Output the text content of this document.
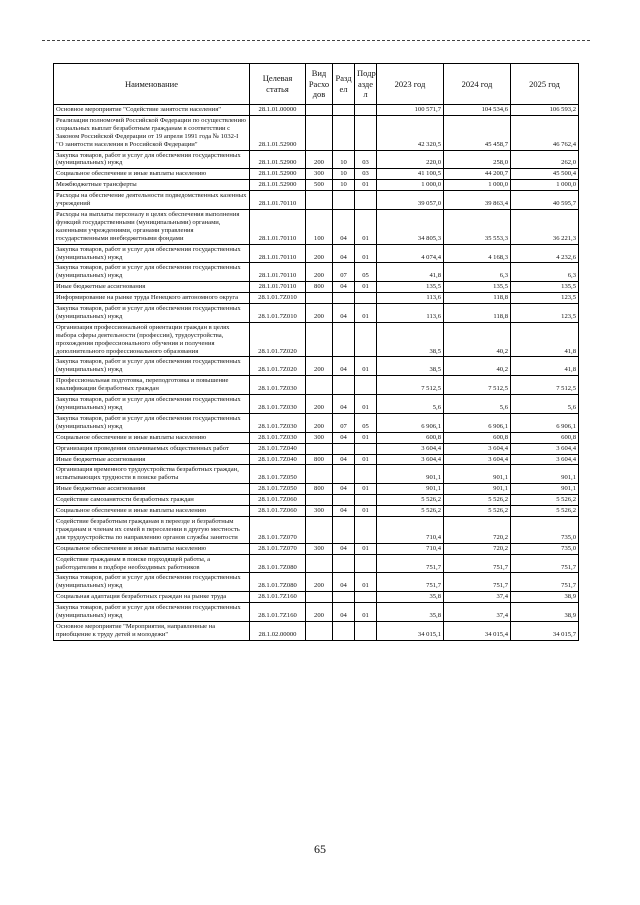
Наименование	Целевая статья	Вид Расхо дов	Разд ел	Подр азде л	2023 год	2024 год	2025 год
Основное мероприятие "Содействие занятости населения"	28.1.01.00000				100 571,7	104 534,6	106 593,2
Реализация полномочий Российской Федерации по осуществлению социальных выплат безработным гражданам в соответствии с Законом Российской Федерации от 19 апреля 1991 года № 1032-I "О занятости населения в Российской Федерации"	28.1.01.52900				42 320,5	45 458,7	46 762,4
Закупка товаров, работ и услуг для обеспечения государственных (муниципальных) нужд	28.1.01.52900	200	10	03	220,0	258,0	262,0
Социальное обеспечение и иные выплаты населению	28.1.01.52900	300	10	03	41 100,5	44 200,7	45 500,4
Межбюджетные трансферты	28.1.01.52900	500	10	01	1 000,0	1 000,0	1 000,0
Расходы на обеспечение деятельности подведомственных казенных учреждений	28.1.01.70110				39 057,0	39 863,4	40 595,7
Расходы на выплаты персоналу в целях обеспечения выполнения функций государственными (муниципальными) органами, казенными учреждениями, органами управления государственными внебюджетными фондами	28.1.01.70110	100	04	01	34 805,3	35 553,3	36 221,3
Закупка товаров, работ и услуг для обеспечения государственных (муниципальных) нужд	28.1.01.70110	200	04	01	4 074,4	4 168,3	4 232,6
Закупка товаров, работ и услуг для обеспечения государственных (муниципальных) нужд	28.1.01.70110	200	07	05	41,8	6,3	6,3
Иные бюджетные ассигнования	28.1.01.70110	800	04	01	135,5	135,5	135,5
Информирование на рынке труда Ненецкого автономного округа	28.1.01.7Z010				113,6	118,8	123,5
Закупка товаров, работ и услуг для обеспечения государственных (муниципальных) нужд	28.1.01.7Z010	200	04	01	113,6	118,8	123,5
Организация профессиональной ориентации граждан в целях выбора сферы деятельности (профессии), трудоустройства, прохождения профессионального обучения и получения дополнительного профессионального образования	28.1.01.7Z020				38,5	40,2	41,8
Закупка товаров, работ и услуг для обеспечения государственных (муниципальных) нужд	28.1.01.7Z020	200	04	01	38,5	40,2	41,8
Профессиональная подготовка, переподготовка и повышение квалификации безработных граждан	28.1.01.7Z030				7 512,5	7 512,5	7 512,5
Закупка товаров, работ и услуг для обеспечения государственных (муниципальных) нужд	28.1.01.7Z030	200	04	01	5,6	5,6	5,6
Закупка товаров, работ и услуг для обеспечения государственных (муниципальных) нужд	28.1.01.7Z030	200	07	05	6 906,1	6 906,1	6 906,1
Социальное обеспечение и иные выплаты населению	28.1.01.7Z030	300	04	01	600,8	600,8	600,8
Организация проведения оплачиваемых общественных работ	28.1.01.7Z040				3 604,4	3 604,4	3 604,4
Иные бюджетные ассигнования	28.1.01.7Z040	800	04	01	3 604,4	3 604,4	3 604,4
Организация временного трудоустройства безработных граждан, испытывающих трудности в поиске работы	28.1.01.7Z050				901,1	901,1	901,1
Иные бюджетные ассигнования	28.1.01.7Z050	800	04	01	901,1	901,1	901,1
Содействие самозанятости безработных граждан	28.1.01.7Z060				5 526,2	5 526,2	5 526,2
Социальное обеспечение и иные выплаты населению	28.1.01.7Z060	300	04	01	5 526,2	5 526,2	5 526,2
Содействие безработным гражданам в переезде и безработным гражданам и членам их семей в переселении в другую местность для трудоустройства по направлению органов службы занятости	28.1.01.7Z070				710,4	720,2	735,0
Социальное обеспечение и иные выплаты населению	28.1.01.7Z070	300	04	01	710,4	720,2	735,0
Содействие гражданам в поиске подходящей работы, а работодателям в подборе необходимых работников	28.1.01.7Z080				751,7	751,7	751,7
Закупка товаров, работ и услуг для обеспечения государственных (муниципальных) нужд	28.1.01.7Z080	200	04	01	751,7	751,7	751,7
Социальная адаптация безработных граждан на рынке труда	28.1.01.7Z160				35,8	37,4	38,9
Закупка товаров, работ и услуг для обеспечения государственных (муниципальных) нужд	28.1.01.7Z160	200	04	01	35,8	37,4	38,9
Основное мероприятие "Мероприятия, направленные на приобщение к труду детей и молодежи"	28.1.02.00000				34 015,1	34 015,4	34 015,7
65
